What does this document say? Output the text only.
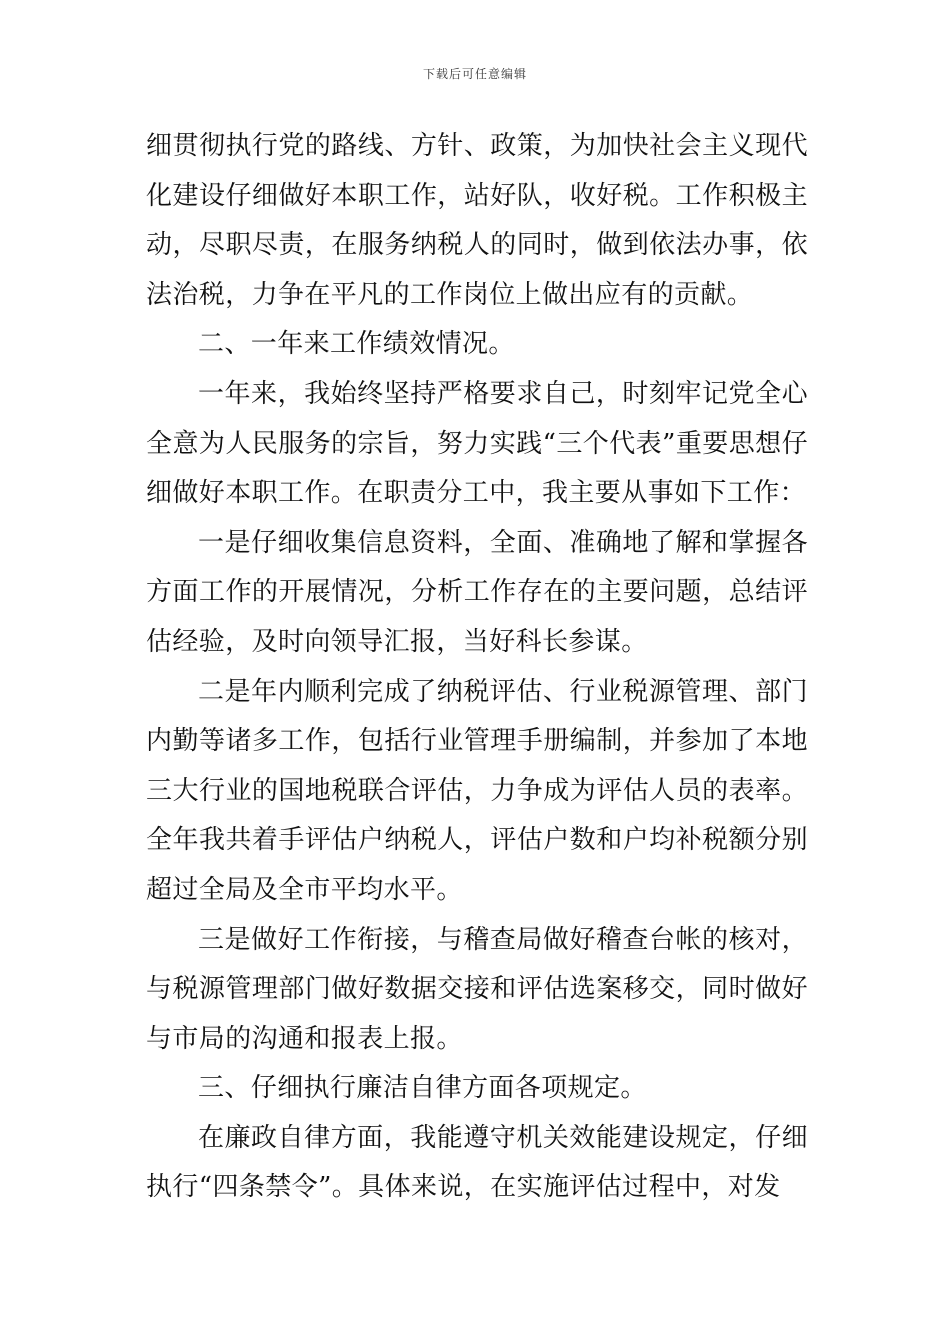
下载后可任意编辑

细贯彻执行党的路线、方针、政策，为加快社会主义现代化建设仔细做好本职工作，站好队，收好税。工作积极主动，尽职尽责，在服务纳税人的同时，做到依法办事，依法治税，力争在平凡的工作岗位上做出应有的贡献。

二、一年来工作绩效情况。

一年来，我始终坚持严格要求自己，时刻牢记党全心全意为人民服务的宗旨，努力实践“三个代表”重要思想仔细做好本职工作。在职责分工中，我主要从事如下工作：

一是仔细收集信息资料，全面、准确地了解和掌握各方面工作的开展情况，分析工作存在的主要问题，总结评估经验，及时向领导汇报，当好科长参谋。

二是年内顺利完成了纳税评估、行业税源管理、部门内勤等诸多工作，包括行业管理手册编制，并参加了本地三大行业的国地税联合评估，力争成为评估人员的表率。全年我共着手评估户纳税人，评估户数和户均补税额分别超过全局及全市平均水平。

三是做好工作衔接，与稽查局做好稽查台帐的核对，与税源管理部门做好数据交接和评估选案移交，同时做好与市局的沟通和报表上报。

三、仔细执行廉洁自律方面各项规定。

在廉政自律方面，我能遵守机关效能建设规定，仔细执行“四条禁令”。具体来说，在实施评估过程中，对发
